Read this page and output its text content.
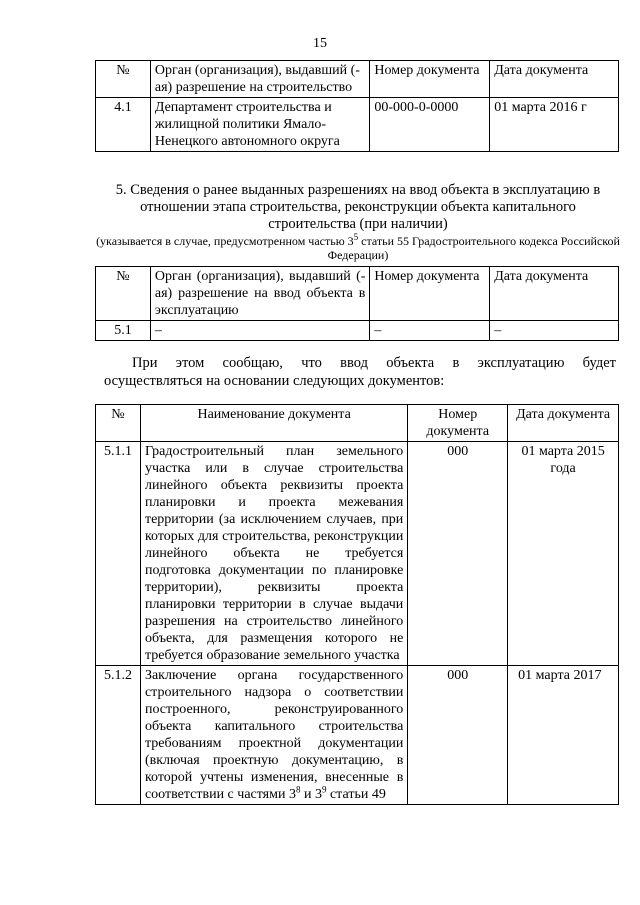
15
№	Орган (организация), выдавший (-ая) разрешение на строительство	Номер документа	Дата документа
4.1	Департамент строительства и жилищной политики Ямало-Ненецкого автономного округа	00-000-0-0000	01 марта 2016 г
5. Сведения о ранее выданных разрешениях на ввод объекта в эксплуатацию в отношении этапа строительства, реконструкции объекта капитального строительства (при наличии)
(указывается в случае, предусмотренном частью $3^5$ статьи 55 Градостроительного кодекса Российской Федерации)
№	Орган (организация), выдавший (-ая) разрешение на ввод объекта в эксплуатацию	Номер документа	Дата документа
5.1	–	–	–
При этом сообщаю, что ввод объекта в эксплуатацию будет
осуществляться на основании следующих документов:
№	Наименование документа	Номер документа	Дата документа
5.1.1	Градостроительный план земельного участка или в случае строительства линейного объекта реквизиты проекта планировки и проекта межевания территории (за исключением случаев, при которых для строительства, реконструкции линейного объекта не требуется подготовка документации по планировке территории), реквизиты проекта планировки территории в случае выдачи разрешения на строительство линейного объекта, для размещения которого не требуется образование земельного участка	000	01 марта 2015 года
5.1.2	Заключение органа государственного строительного надзора о соответствии построенного, реконструированного объекта капитального строительства требованиям проектной документации (включая проектную документацию, в которой учтены изменения, внесенные в соответствии с частями $3^8$ и $3^9$ статьи 49	000	01 марта 2017
